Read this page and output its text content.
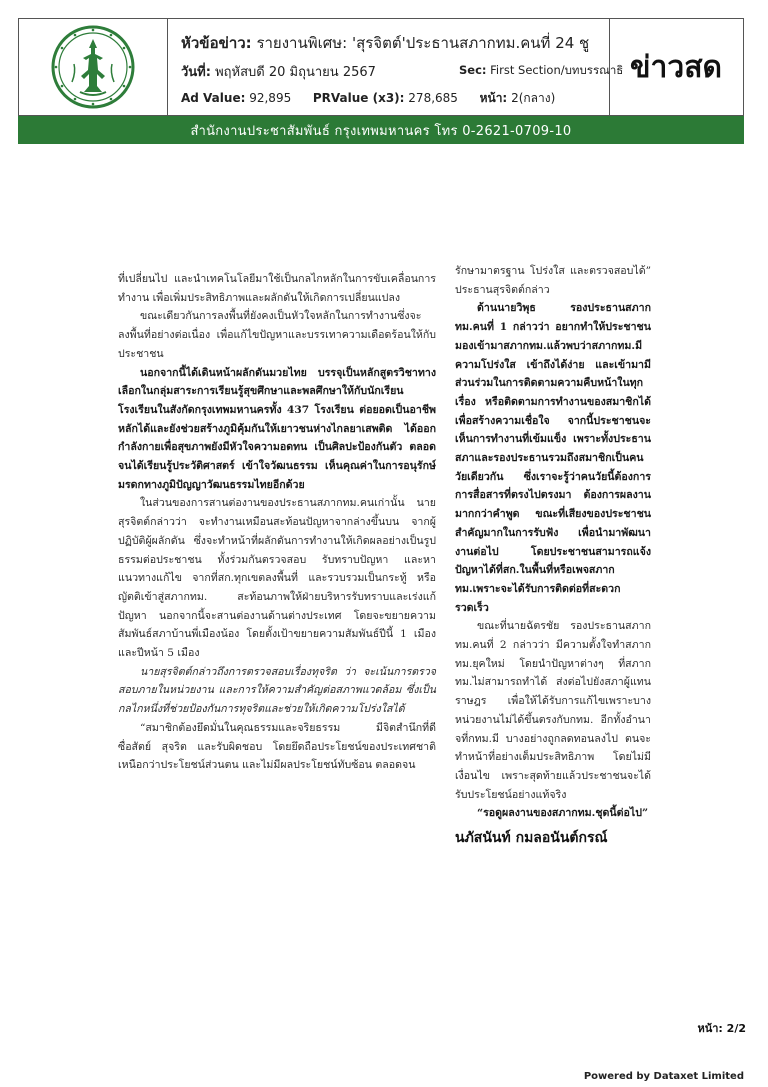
หัวข้อข่าว: รายงานพิเศษ: 'สุรจิตต์'ประธานสภากทม.คนที่ 24 ชู
วันที่: พฤหัสบดี 20 มิถุนายน 2567	Sec: First Section/บทบรรณาธิ
Ad Value: 92,895 PRValue (x3): 278,685 หน้า: 2(กลาง)
ข่าวสด
สำนักงานประชาสัมพันธ์ กรุงเทพมหานคร โทร 0-2621-0709-10

ที่เปลี่ยนไป และนำเทคโนโลยีมาใช้เป็นกลไกหลักในการขับเคลื่อนการทำงาน เพื่อเพิ่มประสิทธิภาพและผลักดันให้เกิดการเปลี่ยนแปลง

ขณะเดียวกันการลงพื้นที่ยังคงเป็นหัวใจหลักในการทำงานซึ่งจะลงพื้นที่อย่างต่อเนื่อง เพื่อแก้ไขปัญหาและบรรเทาความเดือดร้อนให้กับประชาชน

นอกจากนี้ได้เดินหน้าผลักดันมวยไทย บรรจุเป็นหลักสูตรวิชาทางเลือกในกลุ่มสาระการเรียนรู้สุขศึกษาและพลศึกษาให้กับนักเรียนโรงเรียนในสังกัดกรุงเทพมหานครทั้ง 437 โรงเรียน ต่อยอดเป็นอาชีพหลักได้และยังช่วยสร้างภูมิคุ้มกันให้เยาวชนห่างไกลยาเสพติด ได้ออกกำลังกายเพื่อสุขภาพยังมีหัวใจความอดทน เป็นศิลปะป้องกันตัว ตลอดจนได้เรียนรู้ประวัติศาสตร์ เข้าใจวัฒนธรรม เห็นคุณค่าในการอนุรักษ์มรดกทางภูมิปัญญาวัฒนธรรมไทยอีกด้วย

ในส่วนของการสานต่องานของประธานสภากทม.คนเก่านั้น นายสุรจิตต์กล่าวว่า จะทำงานเหมือนสะท้อนปัญหาจากล่างขึ้นบน จากผู้ปฏิบัติผู้ผลักดัน ซึ่งจะทำหน้าที่ผลักดันการทำงานให้เกิดผลอย่างเป็นรูปธรรมต่อประชาชน ทั้งร่วมกันตรวจสอบ รับทราบปัญหา และหาแนวทางแก้ไข จากที่สก.ทุกเขตลงพื้นที่ และรวบรวมเป็นกระทู้ หรือญัตติเข้าสู่สภากทม. สะท้อนภาพให้ฝ่ายบริหารรับทราบและเร่งแก้ปัญหา นอกจากนี้จะสานต่องานด้านต่างประเทศ โดยจะขยายความสัมพันธ์สภาบ้านพี่เมืองน้อง โดยตั้งเป้าขยายความสัมพันธ์ปีนี้ 1 เมือง และปีหน้า 5 เมือง

นายสุรจิตต์กล่าวถึงการตรวจสอบเรื่องทุจริต ว่า จะเน้นการตรวจสอบภายในหน่วยงาน และการให้ความสำคัญต่อสภาพแวดล้อม ซึ่งเป็นกลไกหนึ่งที่ช่วยป้องกันการทุจริตและช่วยให้เกิดความโปร่งใสได้

“สมาชิกต้องยึดมั่นในคุณธรรมและจริยธรรม มีจิตสำนึกที่ดี ซื่อสัตย์ สุจริต และรับผิดชอบ โดยยึดถือประโยชน์ของประเทศชาติเหนือกว่าประโยชน์ส่วนตน และไม่มีผลประโยชน์ทับซ้อน ตลอดจน

รักษามาตรฐาน โปร่งใส และตรวจสอบได้” ประธานสุรจิตต์กล่าว

ด้านนายวิพุธ รองประธานสภากทม.คนที่ 1 กล่าวว่า อยากทำให้ประชาชนมองเข้ามาสภากทม.แล้วพบว่าสภากทม.มีความโปร่งใส เข้าถึงได้ง่าย และเข้ามามีส่วนร่วมในการติดตามความคืบหน้าในทุกเรื่อง หรือติดตามการทำงานของสมาชิกได้ เพื่อสร้างความเชื่อใจ จากนี้ประชาชนจะเห็นการทำงานที่เข้มแข็ง เพราะทั้งประธานสภาและรองประธานรวมถึงสมาชิกเป็นคนวัยเดียวกัน ซึ่งเราจะรู้ว่าคนวัยนี้ต้องการการสื่อสารที่ตรงไปตรงมา ต้องการผลงานมากกว่าคำพูด ขณะที่เสียงของประชาชนสำคัญมากในการรับฟัง เพื่อนำมาพัฒนางานต่อไป โดยประชาชนสามารถแจ้งปัญหาได้ที่สก.ในพื้นที่หรือเพจสภากทม.เพราะจะได้รับการติดต่อที่สะดวกรวดเร็ว

ขณะที่นายฉัตรชัย รองประธานสภากทม.คนที่ 2 กล่าวว่า มีความตั้งใจทำสภากทม.ยุคใหม่ โดยนำปัญหาต่างๆ ที่สภากทม.ไม่สามารถทำได้ ส่งต่อไปยังสภาผู้แทนราษฎร เพื่อให้ได้รับการแก้ไขเพราะบางหน่วยงานไม่ได้ขึ้นตรงกับกทม. อีกทั้งอำนาจที่กทม.มี บางอย่างถูกลดทอนลงไป ตนจะทำหน้าที่อย่างเต็มประสิทธิภาพ โดยไม่มีเงื่อนไข เพราะสุดท้ายแล้วประชาชนจะได้รับประโยชน์อย่างแท้จริง

“รอดูผลงานของสภากทม.ชุดนี้ต่อไป”

นภัสนันท์ กมลอนันต์กรณ์
หน้า: 2/2
Powered by Dataxet Limited
